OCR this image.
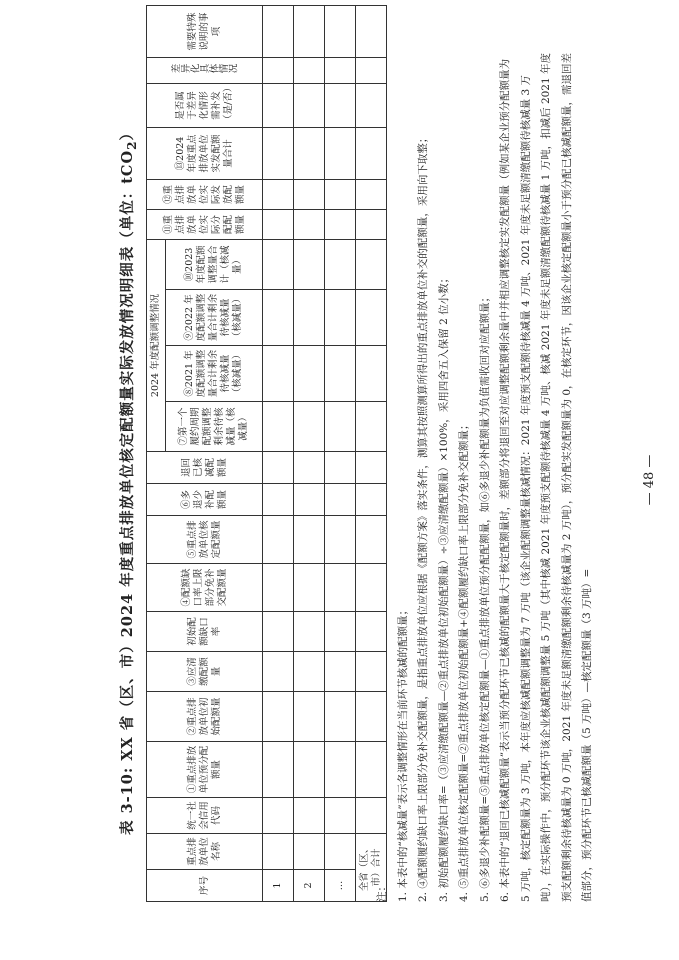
表 3-10: XX 省（区、市）2024 年度重点排放单位核定配额量实际发放情况明细表（单位：tCO$_2$）
序号	重点排放单位名称	统一社会信用代码	①重点排放单位预分配额量	②重点排放单位初始配额量	③应清缴配额量	初始配额缺口率	④配额缺口率上限部分免补交配额量	⑤重点排放单位核定配额量	⑥多退少补配额量	退回已核减配额量	2024 年度配额调整情况				⑪重点排放单位实际分配配额量	⑫重点排放单位实际发放配额量	⑬2024 年度重点排放单位实发配额量合计	是否属于差异化情形需补发（是/否）	差异化具体情况	需要特殊说明的事项
											⑦第一个履约周期配额调整剩余待核减量（核减量）	⑧2021 年度配额调整量合计剩余待核减量（核减量）	⑨2022 年度配额调整量合计剩余待核减量（核减量）	⑩2023 年度配额调整量合计（核减量）						
1																				
2																				
…																				
全省（区、市）合计																				
注： 1. 本表中的“核减量”表示各调整情形在当前环节核减的配额量； 2. ④配额履约缺口率上限部分免补交配额量，是指重点排放单位应根据《配额方案》落实条件，测算其按照测算所得出的重点排放单位补交的配额量，采用向下取整； 3. 初始配额履约缺口率=（③应清缴配额量—②重点排放单位初始配额量）÷③应清缴配额量）×100%，采用四舍五入保留 2 位小数； 4. ⑤重点排放单位核定配额量=②重点排放单位初始配额量+④配额履约缺口率上限部分免补交配额量； 5. ⑥多退少补配额量=⑤重点排放单位核定配额量—①重点排放单位预分配配额量，如⑥多退少补配额量为负值需收回对应配额量； 6. 本表中的“退回已核减配额量”表示当预分配环节已核减的配额量大于核定配额量时，差额部分将退回至对应调整配额剩余量中并相应调整核定实发配额量（例如某企业预分配额量为 5 万吨，核定配额量为 3 万吨，本年度应核减配额调整量为 7 万吨（该企业配额调整量核减情况：2021 年度预支配额待核减量 4 万吨、2021 年度未足额清缴配额待核减量 3 万吨），在实际操作中，预分配环节该企业核减配额调整量 5 万吨（其中核减 2021 年度预支配额待核减量 4 万吨、核减 2021 年度未足额清缴配额待核减量 1 万吨，扣减后 2021 年度预支配额剩余待核减量为 0 万吨，2021 年度未足额清缴配额剩余待核减量为 2 万吨），预分配实发配额量为 0，在核定环节，因该企业核定配额量小于预分配已核减配额量，需退回差值部分，预分配环节已核减配额量（5 万吨）—核定配额量（3 万吨）=
— 48 —
